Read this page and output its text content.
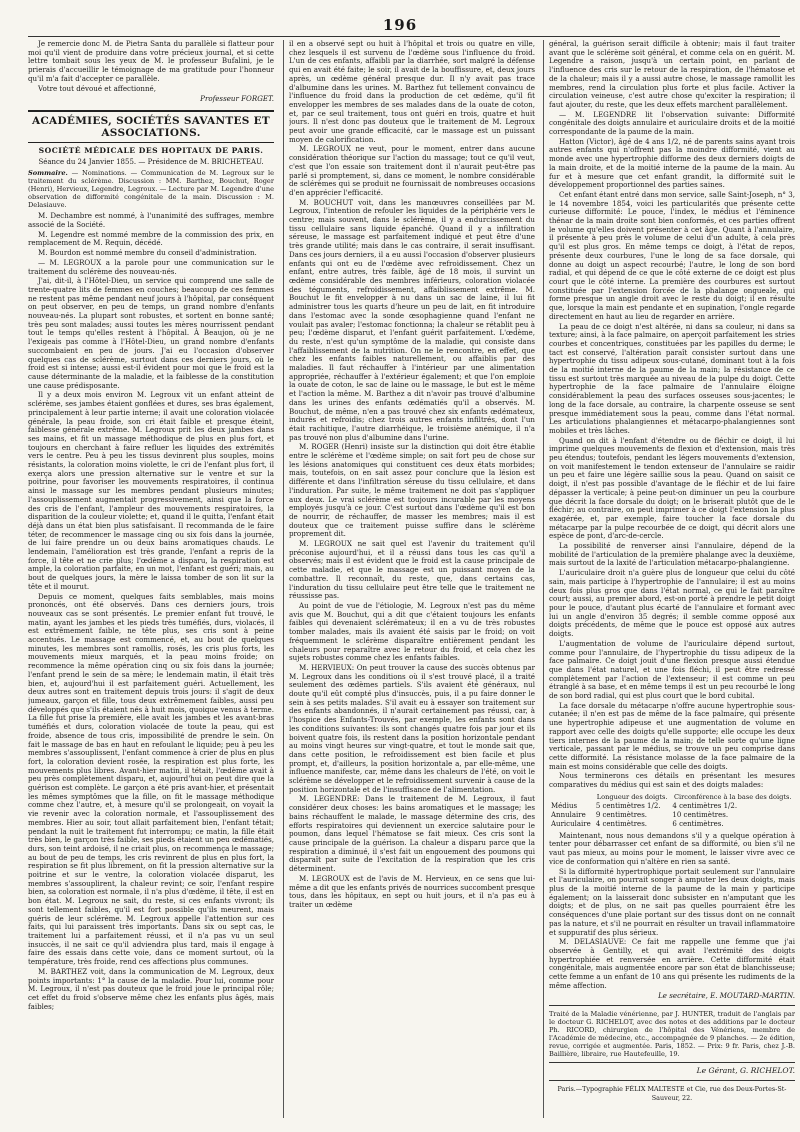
196

Je remercie donc M. de Pietra Santa du parallèle si flatteur pour moi qu'il vient de produire dans votre précieux journal, et si cette lettre tombait sous les yeux de M. le professeur Bufalini, je le prierais d'accueillir le témoignage de ma gratitude pour l'honneur qu'il m'a fait d'accepter ce parallèle.

Votre tout dévoué et affectionné,

Professeur FORGET.

ACADÉMIES, SOCIÉTÉS SAVANTES ET ASSOCIATIONS.
SOCIÉTÉ MÉDICALE DES HOPITAUX DE PARIS.
Séance du 24 Janvier 1855. — Présidence de M. BRICHETEAU.

Sommaire. — Nominations. — Communication de M. Legroux sur le traitement du sclérème. Discussion : MM. Barthez, Bouchut, Roger (Henri), Hervieux, Legendre, Legroux. — Lecture par M. Legendre d'une observation de difformité congénitale de la main. Discussion : M. Delasiauve.

M. Dechambre est nommé, à l'unanimité des suffrages, membre associé de la Société.

M. Legendre est nommé membre de la commission des prix, en remplacement de M. Requin, décédé.

M. Bourdon est nommé membre du conseil d'administration.

— M. LEGROUX a la parole pour une communication sur le traitement du sclérème des nouveau-nés.

J'ai, dit-il, à l'Hôtel-Dieu, un service qui comprend une salle de trente-quatre lits de femmes en couches; beaucoup de ces femmes ne restent pas même pendant neuf jours à l'hôpital, par conséquent on peut observer, en peu de temps, un grand nombre d'enfants nouveau-nés. La plupart sont robustes, et sortent en bonne santé; très peu sont malades; aussi toutes les mères nourrissent pendant tout le temps qu'elles restent à l'hôpital. À Beaujon, où je ne l'exigeais pas comme à l'Hôtel-Dieu, un grand nombre d'enfants succombaient en peu de jours. J'ai eu l'occasion d'observer quelques cas de sclérème, surtout dans ces derniers jours, où le froid est si intense; aussi est-il évident pour moi que le froid est la cause déterminante de la maladie, et la faiblesse de la constitution une cause prédisposante.

Il y a deux mois environ M. Legroux vit un enfant atteint de sclérème, ses jambes étaient gonflées et dures, ses bras également, principalement à leur partie interne; il avait une coloration violacée générale, la peau froide, son cri était faible et presque éteint, faiblesse générale extrême. M. Legroux prit les deux jambes dans ses mains, et fit un massage méthodique de plus en plus fort, et toujours en cherchant à faire refluer les liquides des extrémités vers le centre. Peu à peu les tissus devinrent plus souples, moins résistants, la coloration moins violette, le cri de l'enfant plus fort, il exerça alors une pression alternative sur le ventre et sur la poitrine, pour favoriser les mouvements respiratoires, il continua ainsi le massage sur les membres pendant plusieurs minutes; l'assouplissement augmentait progressivement, ainsi que la force des cris de l'enfant, l'ampleur des mouvements respiratoires, la disparition de la couleur violette; et, quand il le quitta, l'enfant était déjà dans un état bien plus satisfaisant. Il recommanda de le faire téter, de recommencer le massage cinq ou six fois dans la journée, de lui faire prendre un ou deux bains aromatiques chauds. Le lendemain, l'amélioration est très grande, l'enfant a repris de la force, il tête et ne crie plus; l'œdème a disparu, la respiration est ample, la coloration parfaite, en un mot, l'enfant est guéri; mais, au bout de quelques jours, la mère le laissa tomber de son lit sur la tête et il mourut.

Depuis ce moment, quelques faits semblables, mais moins prononcés, ont été observés. Dans ces derniers jours, trois nouveaux cas se sont présentés. Le premier enfant fut trouvé, le matin, ayant les jambes et les pieds très tuméfiés, durs, violacés, il est extrêmement faible, ne tête plus, ses cris sont à peine accentués. Le massage est commencé, et, au bout de quelques minutes, les membres sont ramollis, rosés, les cris plus forts, les mouvements mieux marqués, et la peau moins froide; on recommence la même opération cinq ou six fois dans la journée; l'enfant prend le sein de sa mère; le lendemain matin, il était très bien, et, aujourd'hui il est parfaitement guéri. Actuellement, les deux autres sont en traitement depuis trois jours: il s'agit de deux jumeaux, garçon et fille, tous deux extrêmement faibles, aussi peu développés que s'ils étaient nés à huit mois, quoique venus à terme. La fille fut prise la première, elle avait les jambes et les avant-bras tuméfiés et durs, coloration violacée de toute la peau, qui est froide, absence de tous cris, impossibilité de prendre le sein. On fait le massage de bas en haut en refoulant le liquide; peu à peu les membres s'assouplissent, l'enfant commence à crier de plus en plus fort, la coloration devient rosée, la respiration est plus forte, les mouvements plus libres. Avant-hier matin, il tétait, l'œdème avait à peu près complètement disparu, et, aujourd'hui on peut dire que la guérison est complète. Le garçon a été pris avant-hier, et présentait les mêmes symptômes que la fille, on fit le massage méthodique comme chez l'autre, et, à mesure qu'il se prolongeait, on voyait la vie revenir avec la coloration normale, et l'assouplissement des membres. Hier au soir, tout allait parfaitement bien, l'enfant tétait; pendant la nuit le traitement fut interrompu; ce matin, la fille était très bien, le garçon très faible, ses pieds étaient un peu œdématiés, durs, son teint ardoisé, il ne criait plus, on recommença le massage; au bout de peu de temps, les cris revinrent de plus en plus fort, la respiration se fit plus librement, on fit la pression alternative sur la poitrine et sur le ventre, la coloration violacée disparut, les membres s'assouplirent, la chaleur revint; ce soir, l'enfant respire bien, sa coloration est normale, il n'a plus d'œdème, il tête, il est en bon état. M. Legroux ne sait, du reste, si ces enfants vivront; ils sont tellement faibles, qu'il est fort possible qu'ils meurent, mais guéris de leur sclérème. M. Legroux appelle l'attention sur ces faits, qui lui paraissent très importants. Dans six ou sept cas, le traitement lui a parfaitement réussi, et il n'a pas vu un seul insuccès, il ne sait ce qu'il adviendra plus tard, mais il engage à faire des essais dans cette voie, dans ce moment surtout, où la température, très froide, rend ces affections plus communes.

M. BARTHEZ voit, dans la communication de M. Legroux, deux points importants: 1° la cause de la maladie. Pour lui, comme pour M. Legroux, il n'est pas douteux que le froid joue le principal rôle; cet effet du froid s'observe même chez les enfants plus âgés, mais faibles;

il en a observé sept ou huit à l'hôpital et trois ou quatre en ville, chez lesquels il est survenu de l'œdème sous l'influence du froid. L'un de ces enfants, affaibli par la diarrhée, sort malgré la défense qui en avait été faite; le soir, il avait de la bouffissure, et, deux jours après, un œdème général presque dur. Il n'y avait pas trace d'albumine dans les urines. M. Barthez fut tellement convaincu de l'influence du froid dans la production de cet œdème, qu'il fit envelopper les membres de ses malades dans de la ouate de coton, et, par ce seul traitement, tous ont guéri en trois, quatre et huit jours. Il n'est donc pas douteux que le traitement de M. Legroux peut avoir une grande efficacité, car le massage est un puissant moyen de calorification.

M. LEGROUX ne veut, pour le moment, entrer dans aucune considération théorique sur l'action du massage; tout ce qu'il veut, c'est que l'on essaie son traitement dont il n'aurait peut-être pas parlé si promptement, si, dans ce moment, le nombre considérable de sclérèmes qui se produit ne fournissait de nombreuses occasions d'en apprécier l'efficacité.

M. BOUCHUT voit, dans les manœuvres conseillées par M. Legroux, l'intention de refouler les liquides de la périphérie vers le centre; mais souvent, dans le sclérème, il y a endurcissement du tissu cellulaire sans liquide épanché. Quand il y a infiltration séreuse, le massage est parfaitement indiqué et peut être d'une très grande utilité; mais dans le cas contraire, il serait insuffisant. Dans ces jours derniers, il a eu aussi l'occasion d'observer plusieurs enfants qui ont eu de l'œdème avec refroidissement. Chez un enfant, entre autres, très faible, âgé de 18 mois, il survint un œdème considérable des membres inférieurs, coloration violacée des téguments, refroidissement, affaiblissement extrême. M. Bouchut le fit envelopper à nu dans un sac de laine, il lui fit administrer tous les quarts d'heure un peu de lait, en fit introduire dans l'estomac avec la sonde œsophagienne quand l'enfant ne voulait pas avaler; l'estomac fonctionna; la chaleur se rétablit peu à peu; l'œdème disparut, et l'enfant guérit parfaitement. L'œdème, du reste, n'est qu'un symptôme de la maladie, qui consiste dans l'affaiblissement de la nutrition. On ne le rencontre, en effet, que chez les enfants faibles naturellement, ou affaiblis par des maladies. Il faut réchauffer à l'intérieur par une alimentation appropriée, réchauffer à l'extérieur également; et que l'on emploie la ouate de coton, le sac de laine ou le massage, le but est le même et l'action la même. M. Barthez a dit n'avoir pas trouvé d'albumine dans les urines des enfants œdématiés qu'il a observés. M. Bouchut, de même, n'en a pas trouvé chez six enfants œdémateux, indurés et refroidis; chez trois autres enfants infiltrés, dont l'un était rachitique, l'autre diarrhéique, le troisième anémique, il n'a pas trouvé non plus d'albumine dans l'urine.

M. ROGER (Henri) insiste sur la distinction qui doit être établie entre le sclérème et l'œdème simple; on sait fort peu de chose sur les lésions anatomiques qui constituent ces deux états morbides; mais, toutefois, on en sait assez pour conclure que la lésion est différente et dans l'infiltration séreuse du tissu cellulaire, et dans l'induration. Par suite, le même traitement ne doit pas s'appliquer aux deux. Le vrai sclérème est toujours incurable par les moyens employés jusqu'à ce jour. C'est surtout dans l'œdème qu'il est bon de nourrir, de réchauffer, de masser les membres; mais il est douteux que ce traitement puisse suffire dans le sclérème proprement dit.

M. LEGROUX ne sait quel est l'avenir du traitement qu'il préconise aujourd'hui, et il a réussi dans tous les cas qu'il a observés; mais il est évident que le froid est la cause principale de cette maladie, et que le massage est un puissant moyen de la combattre. Il reconnaît, du reste, que, dans certains cas, l'induration du tissu cellulaire peut être telle que le traitement ne réussisse pas.

Au point de vue de l'étiologie, M. Legroux n'est pas du même avis que M. Bouchut, qui a dit que c'étaient toujours les enfants faibles qui devenaient sclérémateux; il en a vu de très robustes tomber malades, mais ils avaient été saisis par le froid; on voit fréquemment le sclérème disparaître entièrement pendant les chaleurs pour reparaître avec le retour du froid, et cela chez les sujets robustes comme chez les enfants faibles.

M. HERVIEUX: On peut trouver la cause des succès obtenus par M. Legroux dans les conditions où il s'est trouvé placé, il a traité seulement des œdèmes partiels. S'ils avaient été généraux, nul doute qu'il eût compté plus d'insuccès, puis, il a pu faire donner le sein à ses petits malades. S'il avait eu à essayer son traitement sur des enfants abandonnés, il n'aurait certainement pas réussi, car, à l'hospice des Enfants-Trouvés, par exemple, les enfants sont dans les conditions suivantes: ils sont changés quatre fois par jour et ils boivent quatre fois, ils restent dans la position horizontale pendant au moins vingt heures sur vingt-quatre, et tout le monde sait que, dans cette position, le refroidissement est bien facile et plus prompt, et, d'ailleurs, la position horizontale a, par elle-même, une influence manifeste, car, même dans les chaleurs de l'été, on voit le sclérème se développer et le refroidissement survenir à cause de la position horizontale et de l'insuffisance de l'alimentation.

M. LEGENDRE: Dans le traitement de M. Legroux, il faut considérer deux choses: les bains aromatiques et le massage; les bains réchauffent le malade, le massage détermine des cris, des efforts respiratoires qui deviennent un exercice salutaire pour le poumon, dans lequel l'hématose se fait mieux. Ces cris sont la cause principale de la guérison. La chaleur a disparu parce que la respiration a diminué, il s'est fait un engouement des poumons qui disparaît par suite de l'excitation de la respiration que les cris déterminent.

M. LEGROUX est de l'avis de M. Hervieux, en ce sens que lui-même a dit que les enfants privés de nourrices succombent presque tous, dans les hôpitaux, en sept ou huit jours, et il n'a pas eu à traiter un œdème

général, la guérison serait difficile à obtenir; mais il faut traiter avant que le sclérème soit général, et comme cela on en guérit. M. Legendre a raison, jusqu'à un certain point, en parlant de l'influence des cris sur le retour de la respiration, de l'hématose et de la chaleur; mais il y a aussi autre chose, le massage ramollit les membres, rend la circulation plus forte et plus facile. Activer la circulation veineuse, c'est autre chose qu'exciter la respiration; il faut ajouter, du reste, que les deux effets marchent parallèlement.

— M. LEGENDRE lit l'observation suivante: Difformité congénitale des doigts annulaire et auriculaire droits et de la moitié correspondante de la paume de la main.

Hatton (Victor), âgé de 4 ans 1/2, né de parents sains ayant trois autres enfants qui n'offrent pas la moindre difformité, vient au monde avec une hypertrophie difforme des deux derniers doigts de la main droite, et de la moitié interne de la paume de la main. Au fur et à mesure que cet enfant grandit, la difformité suit le développement proportionnel des parties saines.

Cet enfant étant entré dans mon service, salle Saint-Joseph, n° 3, le 14 novembre 1854, voici les particularités que présente cette curieuse difformité: Le pouce, l'index, le médius et l'éminence thénar de la main droite sont bien conformés, et ces parties offrent le volume qu'elles doivent présenter à cet âge. Quant à l'annulaire, il présente à peu près le volume de celui d'un adulte, à cela près qu'il est plus gros. En même temps ce doigt, à l'état de repos, présente deux courbures, l'une le long de sa face dorsale, qui donne au doigt un aspect recourbé; l'autre, le long de son bord radial, et qui dépend de ce que le côté externe de ce doigt est plus court que le côté interne. La première des courbures est surtout constituée par l'extension forcée de la phalange ongueale, qui forme presque un angle droit avec le reste du doigt; il en résulte que, lorsque la main est pendante et en supination, l'ongle regarde directement en haut au lieu de regarder en arrière.

La peau de ce doigt n'est altérée, ni dans sa couleur, ni dans sa texture; ainsi, à la face palmaire, on aperçoit parfaitement les stries courbes et concentriques, constituées par les papilles du derme; le tact est conservé, l'altération paraît consister surtout dans une hypertrophie du tissu adipeux sous-cutané, dominant tout à la fois de la moitié interne de la paume de la main; la résistance de ce tissu est surtout très marquée au niveau de la pulpe du doigt. Cette hypertrophie de la face palmaire de l'annulaire éloigne considérablement la peau des surfaces osseuses sous-jacentes; le long de la face dorsale, au contraire, la charpente osseuse se sent presque immédiatement sous la peau, comme dans l'état normal. Les articulations phalangiennes et métacarpo-phalangiennes sont mobiles et très lâches.

Quand on dit à l'enfant d'étendre ou de fléchir ce doigt, il lui imprime quelques mouvements de flexion et d'extension, mais très peu étendus; toutefois, pendant les légers mouvements d'extension, on voit manifestement le tendon extenseur de l'annulaire se raidir un peu et faire une légère saillie sous la peau. Quand on saisit ce doigt, il n'est pas possible d'avantage de le fléchir et de lui faire dépasser la verticale; à peine peut-on diminuer un peu la courbure que décrit la face dorsale du doigt; on le briserait plutôt que de le fléchir; au contraire, on peut imprimer à ce doigt l'extension la plus exagérée, et, par exemple, faire toucher la face dorsale du métacarpe par la pulpe recourbée de ce doigt, qui décrit alors une espèce de pont, d'arc-de-cercle.

La possibilité de renverser ainsi l'annulaire, dépend de la mobilité de l'articulation de la première phalange avec la deuxième, mais surtout de la laxité de l'articulation métacarpo-phalangienne.

L'auriculaire droit n'a guère plus de longueur que celui du côté sain, mais participe à l'hypertrophie de l'annulaire; il est au moins deux fois plus gros que dans l'état normal, ce qui le fait paraître court; aussi, au premier abord, est-on porté à prendre le petit doigt pour le pouce, d'autant plus écarté de l'annulaire et formant avec lui un angle d'environ 35 degrés; il semble comme opposé aux doigts précédents, de même que le pouce est opposé aux autres doigts.

L'augmentation de volume de l'auriculaire dépend surtout, comme pour l'annulaire, de l'hypertrophie du tissu adipeux de la face palmaire. Ce doigt jouit d'une flexion presque aussi étendue que dans l'état naturel, et une fois fléchi, il peut être redressé complètement par l'action de l'extenseur; il est comme un peu étranglé à sa base, et en même temps il est un peu recourbé le long de son bord radial, qui est plus court que le bord cubital.

La face dorsale du métacarpe n'offre aucune hypertrophie sous-cutanée; il n'en est pas de même de la face palmaire, qui présente une hypertrophie adipeuse et une augmentation de volume en rapport avec celle des doigts qu'elle supporte; elle occupe les deux tiers internes de la paume de la main; de telle sorte qu'une ligne verticale, passant par le médius, se trouve un peu comprise dans cette difformité. La résistance molasse de la face palmaire de la main est moins considérable que celle des doigts.

Nous terminerons ces détails en présentant les mesures comparatives du médius qui est sain et des doigts malades:

	Longueur des doigts.	Circonférence à la base des doigts.
Médius	5 centimètres 1/2.	4 centimètres 1/2.
Annulaire	9 centimètres.	10 centimètres.
Auriculaire	4 centimètres.	6 centimètres.

Maintenant, nous nous demandons s'il y a quelque opération à tenter pour débarrasser cet enfant de sa difformité, ou bien s'il ne vaut pas mieux, au moins pour le moment, le laisser vivre avec ce vice de conformation qui n'altère en rien sa santé.

Si la difformité hypertrophique portait seulement sur l'annulaire et l'auriculaire, on pourrait songer à amputer les deux doigts, mais plus de la moitié interne de la paume de la main y participe également; on la laisserait donc subsister en n'amputant que les doigts; et de plus, on ne sait pas quelles pourraient être les conséquences d'une plaie portant sur des tissus dont on ne connaît pas la nature, et s'il ne pourrait en résulter un travail inflammatoire et suppuratif des plus sérieux.

M. DELASIAUVE: Ce fait me rappelle une femme que j'ai observée à Gentilly, et qui avait l'extrémité des doigts hypertrophiée et renversée en arrière. Cette difformité était congénitale, mais augmentée encore par son état de blanchisseuse; cette femme a un enfant de 10 ans qui présente les rudiments de la même affection.

Le secrétaire, E. MOUTARD-MARTIN.

Traité de la Maladie vénérienne, par J. HUNTER, traduit de l'anglais par le docteur G. RICHELOT, avec des notes et des additions par le docteur Ph. RICORD, chirurgien de l'hôpital des Vénériens, membre de l'Académie de médecine, etc., accompagnée de 9 planches. — 2e édition, revue, corrigée et augmentée. Paris, 1852. — Prix: 9 fr. Paris, chez J.-B. Baillière, libraire, rue Hautefeuille, 19.

Le Gérant, G. RICHELOT.

Paris.—Typographie FÉLIX MALTESTE et Cie, rue des Deux-Portes-St-Sauveur, 22.
